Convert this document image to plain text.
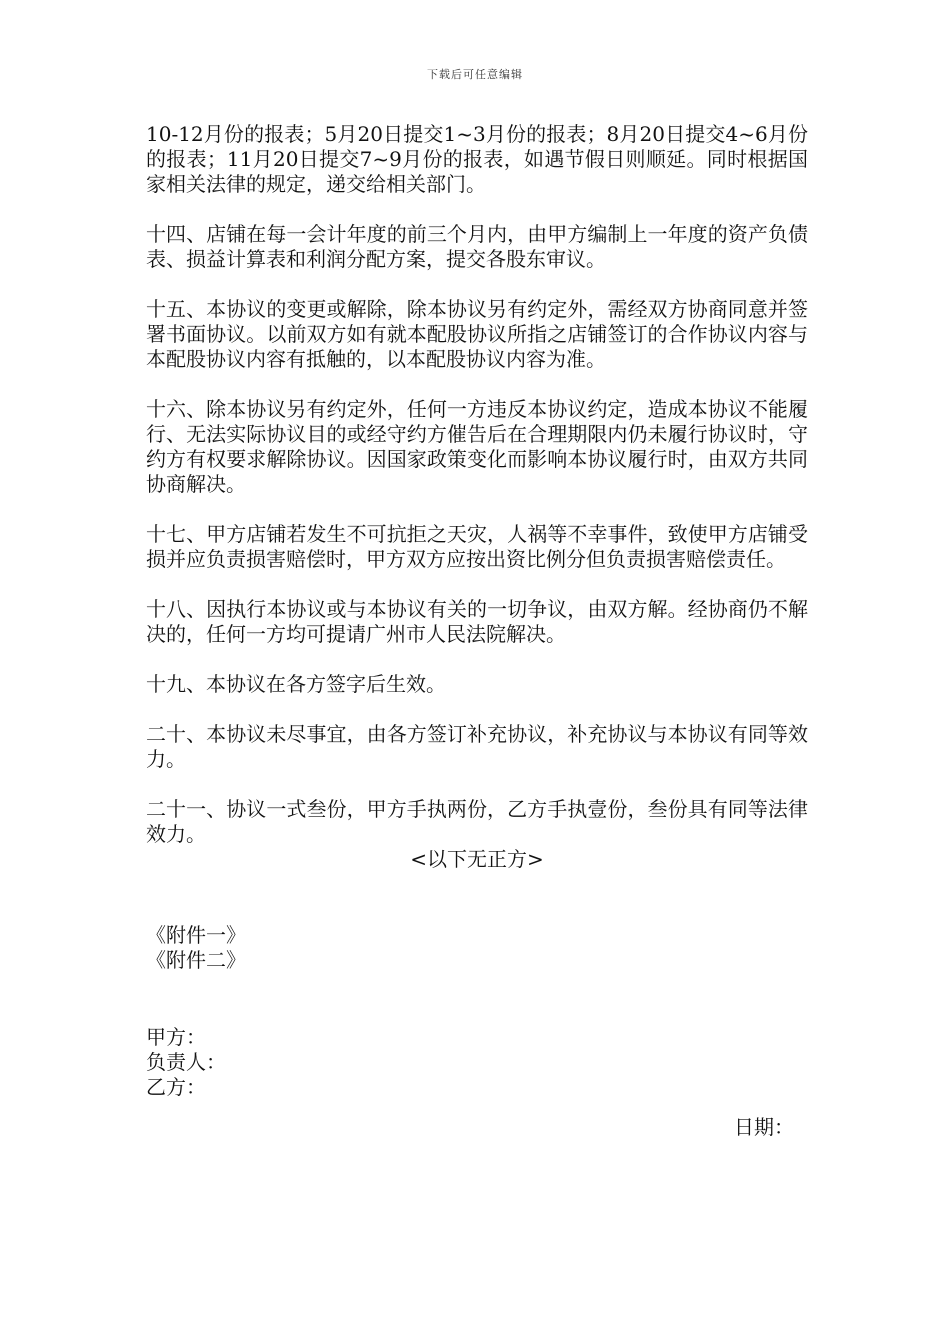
下载后可任意编辑

10-12月份的报表；5月20日提交1~3月份的报表；8月20日提交4~6月份的报表；11月20日提交7~9月份的报表，如遇节假日则顺延。同时根据国家相关法律的规定，递交给相关部门。

十四、店铺在每一会计年度的前三个月内，由甲方编制上一年度的资产负债表、损益计算表和利润分配方案，提交各股东审议。

十五、本协议的变更或解除，除本协议另有约定外，需经双方协商同意并签署书面协议。以前双方如有就本配股协议所指之店铺签订的合作协议内容与本配股协议内容有抵触的，以本配股协议内容为准。

十六、除本协议另有约定外，任何一方违反本协议约定，造成本协议不能履行、无法实际协议目的或经守约方催告后在合理期限内仍未履行协议时，守约方有权要求解除协议。因国家政策变化而影响本协议履行时，由双方共同协商解决。

十七、甲方店铺若发生不可抗拒之天灾，人祸等不幸事件，致使甲方店铺受损并应负责损害赔偿时，甲方双方应按出资比例分但负责损害赔偿责任。

十八、因执行本协议或与本协议有关的一切争议，由双方解。经协商仍不解决的，任何一方均可提请广州市人民法院解决。

十九、本协议在各方签字后生效。

二十、本协议未尽事宜，由各方签订补充协议，补充协议与本协议有同等效力。

二十一、协议一式叁份，甲方手执两份，乙方手执壹份，叁份具有同等法律效力。

<以下无正方>

《附件一》

《附件二》

甲方：

负责人：

乙方：

日期：
